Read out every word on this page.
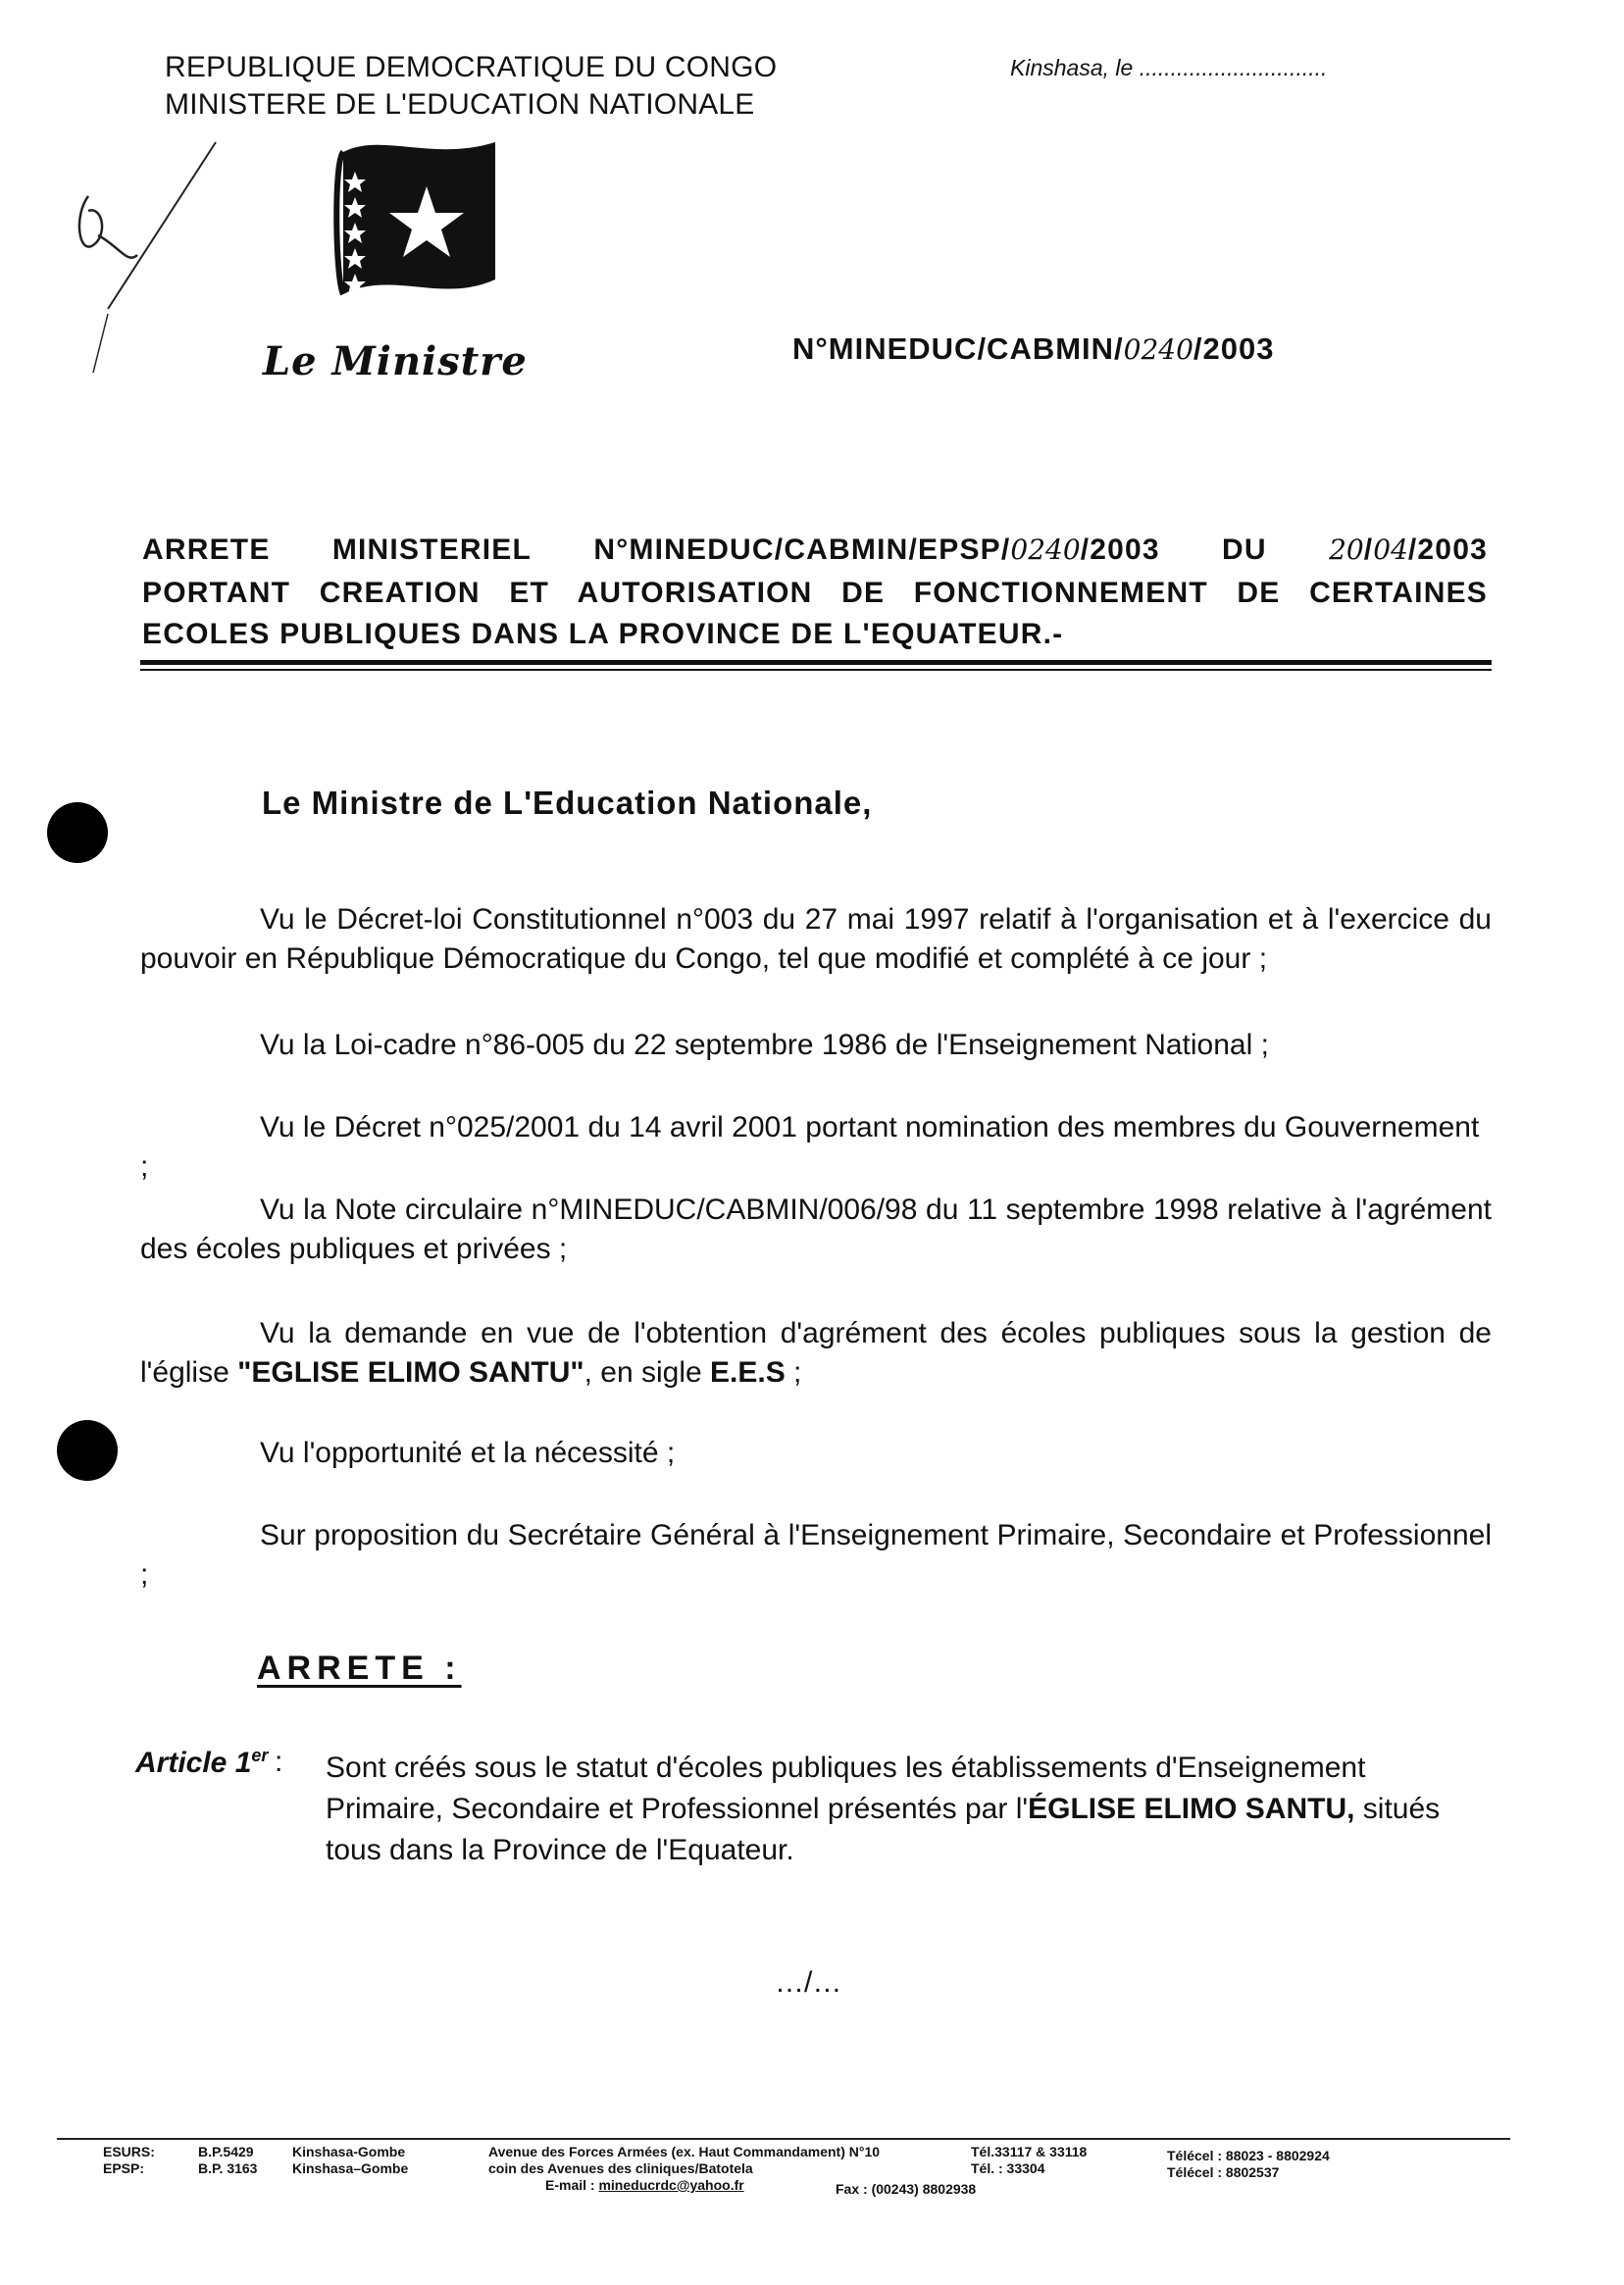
REPUBLIQUE DEMOCRATIQUE DU CONGO
MINISTERE DE L'EDUCATION NATIONALE
Kinshasa, le ..............................
Le Ministre	N°MINEDUC/CABMIN/0240/2003
ARRETE MINISTERIEL N°MINEDUC/CABMIN/EPSP/0240/2003 DU 20/04/2003
PORTANT CREATION ET AUTORISATION DE FONCTIONNEMENT DE CERTAINES
ECOLES PUBLIQUES DANS LA PROVINCE DE L'EQUATEUR.-
Le Ministre de L'Education Nationale,
Vu le Décret-loi Constitutionnel n°003 du 27 mai 1997 relatif à l'organisation et à l'exercice du pouvoir en République Démocratique du Congo, tel que modifié et complété à ce jour ;
Vu la Loi-cadre n°86-005 du 22 septembre 1986 de l'Enseignement National ;
Vu le Décret n°025/2001 du 14 avril 2001 portant nomination des membres du Gouvernement ;
Vu la Note circulaire n°MINEDUC/CABMIN/006/98 du 11 septembre 1998 relative à l'agrément des écoles publiques et privées ;
Vu la demande en vue de l'obtention d'agrément des écoles publiques sous la gestion de l'église "EGLISE ELIMO SANTU", en sigle E.E.S ;
Vu l'opportunité et la nécessité ;
Sur proposition du Secrétaire Général à l'Enseignement Primaire, Secondaire et Professionnel ;
ARRETE :
Article 1er : Sont créés sous le statut d'écoles publiques les établissements d'Enseignement Primaire, Secondaire et Professionnel présentés par l'ÉGLISE ELIMO SANTU, situés tous dans la Province de l'Equateur.
…/…
ESURS:
EPSP:
B.P.5429
B.P. 3163
Kinshasa-Gombe
Kinshasa–Gombe
Avenue des Forces Armées (ex. Haut Commandament) N°10
coin des Avenues des cliniques/Batotela
E-mail : mineducrdc@yahoo.fr	Fax : (00243) 8802938
Tél.33117 & 33118
Tél. : 33304
Télécel : 88023 - 8802924
Télécel : 8802537
